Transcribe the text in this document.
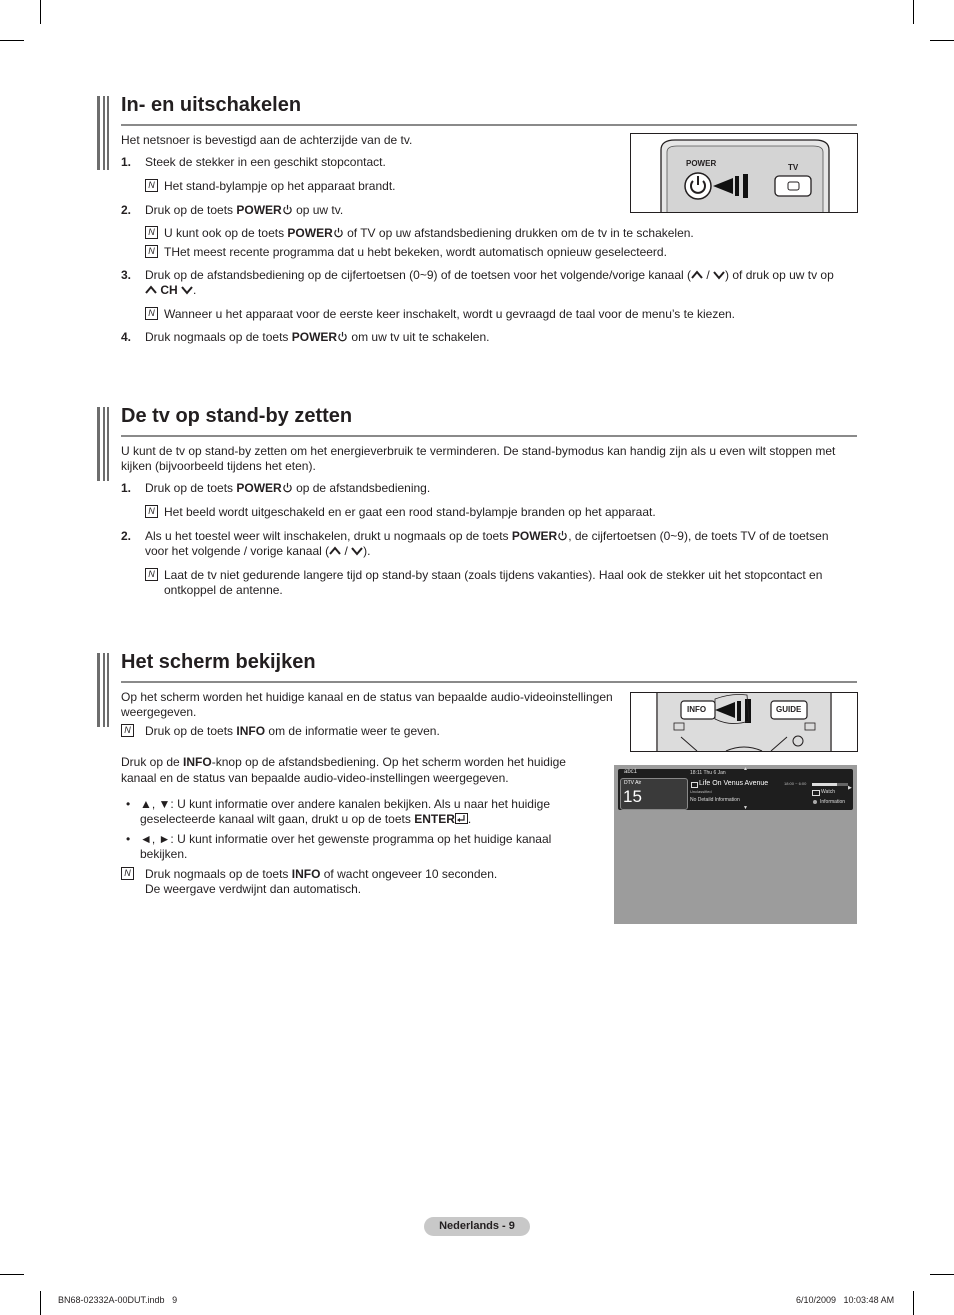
In- en uitschakelen
Het netsnoer is bevestigd aan de achterzijde van de tv.
1. Steek de stekker in een geschikt stopcontact.
N Het stand-bylampje op het apparaat brandt.
2. Druk op de toets POWER op uw tv.
N U kunt ook op de toets POWER of TV op uw afstandsbediening drukken om de tv in te schakelen.
N THet meest recente programma dat u hebt bekeken, wordt automatisch opnieuw geselecteerd.
3. Druk op de afstandsbediening op de cijfertoetsen (0~9) of de toetsen voor het volgende/vorige kanaal ( / ) of druk op uw tv op
CH .
N Wanneer u het apparaat voor de eerste keer inschakelt, wordt u gevraagd de taal voor de menu’s te kiezen.
4. Druk nogmaals op de toets POWER om uw tv uit te schakelen.
POWER	TV
De tv op stand-by zetten
U kunt de tv op stand-by zetten om het energieverbruik te verminderen. De stand-bymodus kan handig zijn als u even wilt stoppen met
kijken (bijvoorbeeld tijdens het eten).
1. Druk op de toets POWER op de afstandsbediening.
N Het beeld wordt uitgeschakeld en er gaat een rood stand-bylampje branden op het apparaat.
2. Als u het toestel weer wilt inschakelen, drukt u nogmaals op de toets POWER , de cijfertoetsen (0~9), de toets TV of de toetsen
voor het volgende / vorige kanaal ( / ).
N Laat de tv niet gedurende langere tijd op stand-by staan (zoals tijdens vakanties). Haal ook de stekker uit het stopcontact en
ontkoppel de antenne.
Het scherm bekijken
Op het scherm worden het huidige kanaal en de status van bepaalde audio-videoinstellingen
weergegeven.
N Druk op de toets INFO om de informatie weer te geven.
Druk op de INFO-knop op de afstandsbediening. Op het scherm worden het huidige
kanaal en de status van bepaalde audio-video-instellingen weergegeven.
• ▲, ▼: U kunt informatie over andere kanalen bekijken. Als u naar het huidige
geselecteerde kanaal wilt gaan, drukt u op de toets ENTER .
• ◄, ►: U kunt informatie over het gewenste programma op het huidige kanaal
bekijken.
N Druk nogmaals op de toets INFO of wacht ongeveer 10 seconden.
De weergave verdwijnt dan automatisch.
INFO	GUIDE
abc1
DTV Air
15
18:11 Thu 6 Jan
Life On Venus Avenue	18:00 ~ 6:00
Unclassified
No Detaild Information
Watch
Information
▲
▼
▶
Nederlands - 9
BN68-02332A-00DUT.indb   9	6/10/2009   10:03:48 AM
